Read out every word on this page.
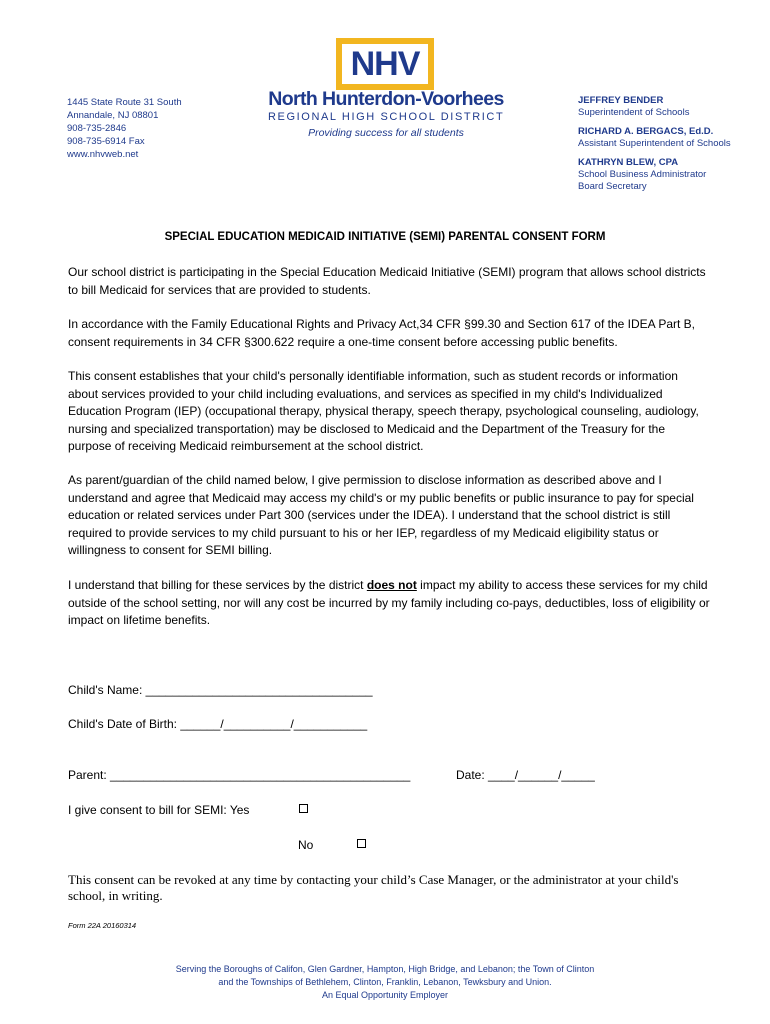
1445 State Route 31 South
Annandale, NJ 08801
908-735-2846
908-735-6914 Fax
www.nhvweb.net
NHV
North Hunterdon-Voorhees
REGIONAL HIGH SCHOOL DISTRICT
Providing success for all students
JEFFREY BENDER
Superintendent of Schools
RICHARD A. BERGACS, Ed.D.
Assistant Superintendent of Schools
KATHRYN BLEW, CPA
School Business Administrator
Board Secretary
SPECIAL EDUCATION MEDICAID INITIATIVE (SEMI) PARENTAL CONSENT FORM

Our school district is participating in the Special Education Medicaid Initiative (SEMI) program that allows school districts to bill Medicaid for services that are provided to students.

In accordance with the Family Educational Rights and Privacy Act,34 CFR §99.30 and Section 617 of the IDEA Part B, consent requirements in 34 CFR §300.622 require a one-time consent before accessing public benefits.

This consent establishes that your child's personally identifiable information, such as student records or information about services provided to your child including evaluations, and services as specified in my child's Individualized Education Program (IEP) (occupational therapy, physical therapy, speech therapy, psychological counseling, audiology, nursing and specialized transportation) may be disclosed to Medicaid and the Department of the Treasury for the purpose of receiving Medicaid reimbursement at the school district.

As parent/guardian of the child named below, I give permission to disclose information as described above and I understand and agree that Medicaid may access my child's or my public benefits or public insurance to pay for special education or related services under Part 300 (services under the IDEA). I understand that the school district is still required to provide services to my child pursuant to his or her IEP, regardless of my Medicaid eligibility status or willingness to consent for SEMI billing.

I understand that billing for these services by the district does not impact my ability to access these services for my child outside of the school setting, nor will any cost be incurred by my family including co-pays, deductibles, loss of eligibility or impact on lifetime benefits.

Child's Name: __________________________________
Child's Date of Birth: ______/__________/___________
Parent: _____________________________________________	Date: ____/______/_____
I give consent to bill for SEMI: Yes
No
This consent can be revoked at any time by contacting your child’s Case Manager, or the administrator at your child's school, in writing.
Form 22A 20160314
Serving the Boroughs of Califon, Glen Gardner, Hampton, High Bridge, and Lebanon; the Town of Clinton
and the Townships of Bethlehem, Clinton, Franklin, Lebanon, Tewksbury and Union.
An Equal Opportunity Employer
